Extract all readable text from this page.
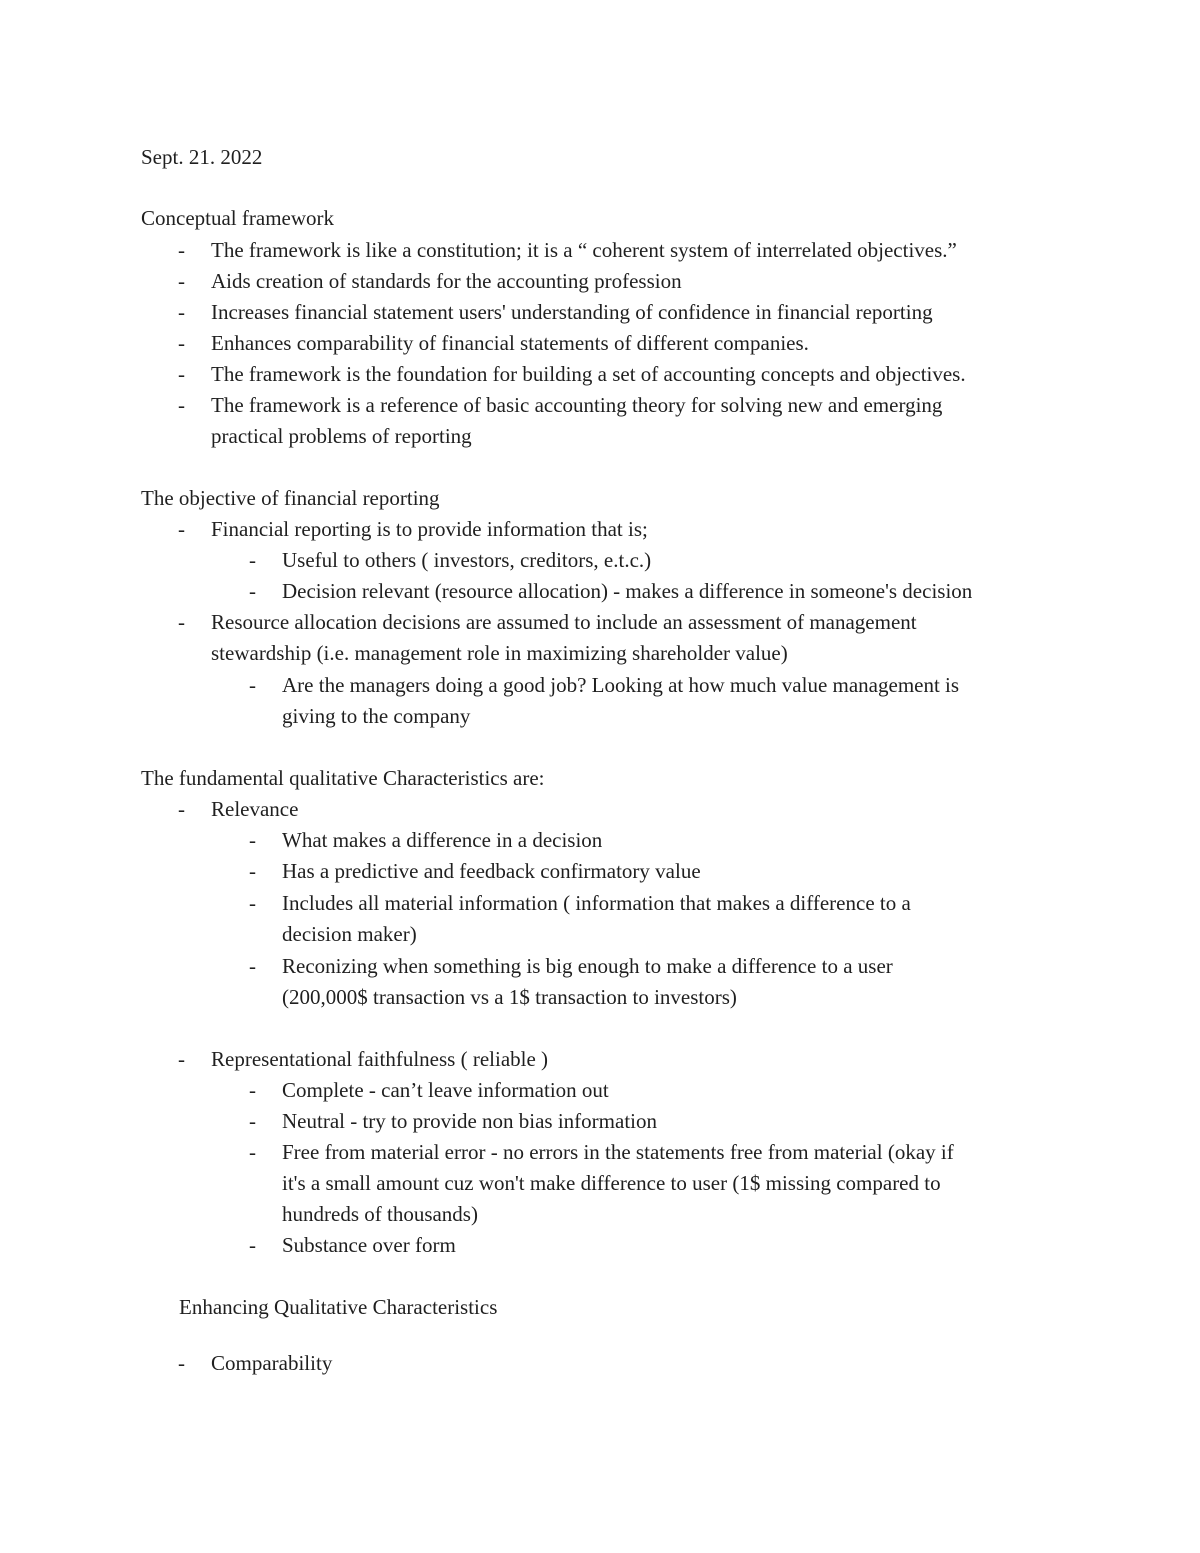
Sept. 21. 2022
Conceptual framework
- The framework is like a constitution; it is a “ coherent system of interrelated objectives.”
- Aids creation of standards for the accounting profession
- Increases financial statement users' understanding of confidence in financial reporting
- Enhances comparability of financial statements of different companies.
- The framework is the foundation for building a set of accounting concepts and objectives.
- The framework is a reference of basic accounting theory for solving new and emerging
practical problems of reporting
The objective of financial reporting
- Financial reporting is to provide information that is;
- Useful to others ( investors, creditors, e.t.c.)
- Decision relevant (resource allocation) - makes a difference in someone's decision
- Resource allocation decisions are assumed to include an assessment of management
stewardship (i.e. management role in maximizing shareholder value)
- Are the managers doing a good job? Looking at how much value management is
giving to the company
The fundamental qualitative Characteristics are:
- Relevance
- What makes a difference in a decision
- Has a predictive and feedback confirmatory value
- Includes all material information ( information that makes a difference to a
decision maker)
- Reconizing when something is big enough to make a difference to a user
(200,000$ transaction vs a 1$ transaction to investors)
- Representational faithfulness ( reliable )
- Complete - can’t leave information out
- Neutral - try to provide non bias information
- Free from material error - no errors in the statements free from material (okay if
it's a small amount cuz won't make difference to user (1$ missing compared to
hundreds of thousands)
- Substance over form
Enhancing Qualitative Characteristics
- Comparability
